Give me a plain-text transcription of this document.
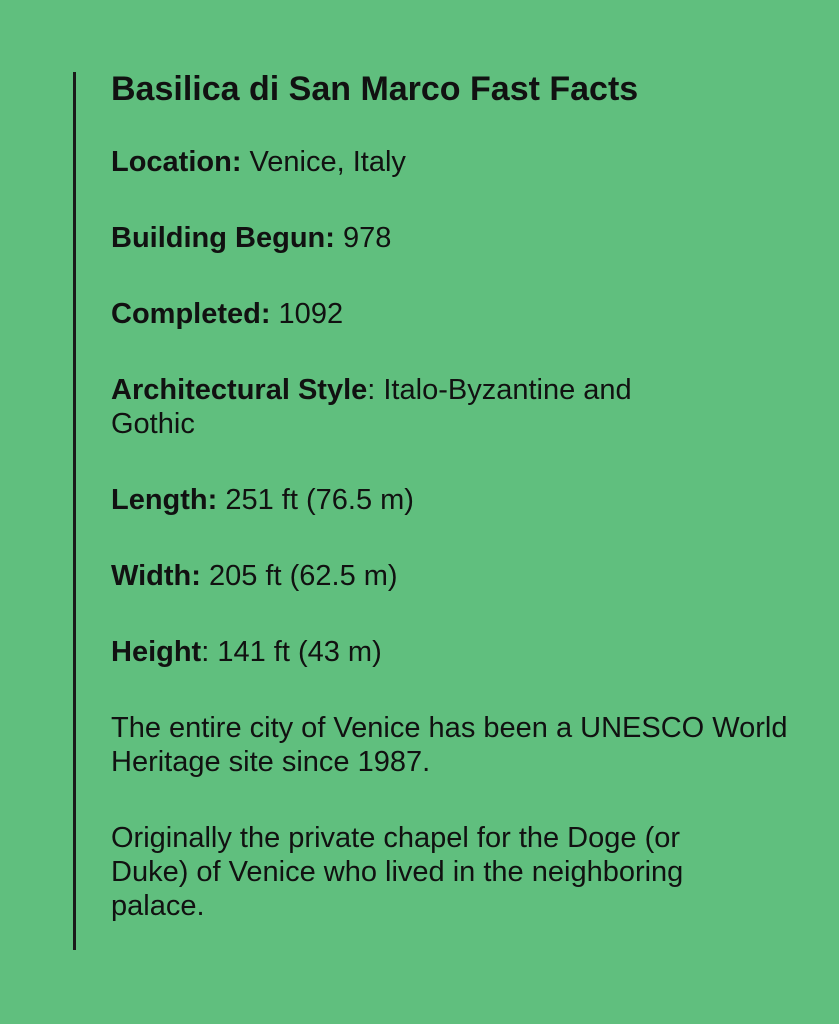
Basilica di San Marco Fast Facts
Location: Venice, Italy
Building Begun: 978
Completed: 1092
Architectural Style: Italo-Byzantine and Gothic
Length: 251 ft (76.5 m)
Width: 205 ft (62.5 m)
Height: 141 ft (43 m)
The entire city of Venice has been a UNESCO World Heritage site since 1987.
Originally the private chapel for the Doge (or Duke) of Venice who lived in the neighboring palace.
